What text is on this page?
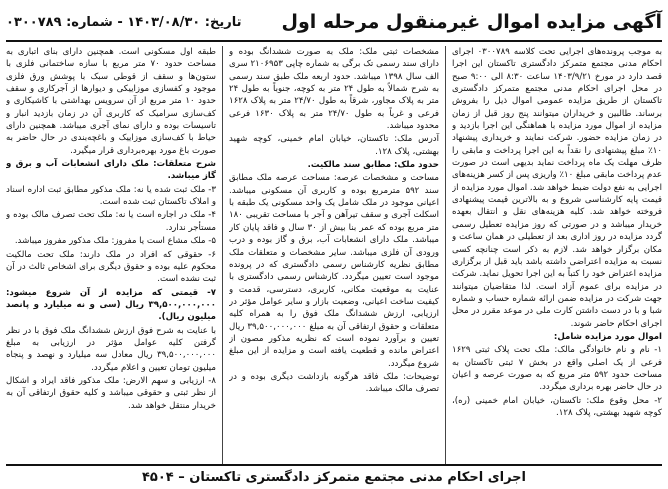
آگهی مزایده اموال غیرمنقول مرحله اول
تاریخ: ۱۴۰۳/۰۸/۳۰ - شماره: ۰۳۰۰۷۸۹

به موجب پرونده‌های اجرایی تحت کلاسه ۰۳۰۰۷۸۹ اجرای احکام مدنی مجتمع متمرکز دادگستری تاکستان این اجرا قصد دارد در مورخ ۱۴۰۳/۹/۲۱ ساعت ۸:۳۰ الی ۹:۰۰ صبح در محل اجرای احکام مدنی مجتمع متمرکز دادگستری تاکستان از طریق مزایده عمومی اموال ذیل را بفروش برساند. طالبین و خریداران میتوانند پنج روز قبل از زمان مزایده از اموال مورد مزایده با هماهنگی این اجرا بازدید و در زمان مزایده حضور. شرکت نمایند و خریداری پیشنهاد ۱۰٪ مبلغ پیشنهادی را نقداً به این اجرا پرداخت و مابقی را ظرف مهلت یک ماه پرداخت نماید بدیهی است در صورت عدم پرداخت مابقی مبلغ ۱۰٪ واریزی پس از کسر هزینه‌های اجرایی به نفع دولت ضبط خواهد شد. اموال مورد مزایده از قیمت پایه کارشناسی شروع و به بالاترین قیمت پیشنهادی فروخته خواهد شد. کلیه هزینه‌های نقل و انتقال بعهده خریدار میباشد و در صورتی که روز مزایده تعطیل رسمی گردد مزایده در روز اداری بعد از تعطیلی در همان ساعت و مکان برگزار خواهد شد. لازم به ذکر است چنانچه کسی نسبت به مزایده اعتراضی داشته باشد باید قبل از برگزاری مزایده اعتراض خود را کتباً به این اجرا تحویل نماید. شرکت در مزایده برای عموم آزاد است. لذا متقاضیان میتوانند جهت شرکت در مزایده ضمن ارائه شماره حساب و شماره شبا و با در دست داشتن کارت ملی در موعد مقرر در محل اجرای احکام حاضر شوند.

اموال مورد مزایده شامل:

۱- نام و نام خانوادگی مالک: ملک تحت پلاک ثبتی ۱۶۲۹ فرعی از یک اصلی واقع در بخش ۷ ثبتی تاکستان به مساحت حدود ۵۹۲ متر مربع که به صورت عرصه و اعیان در حال حاضر بهره برداری میگردد.

۲- محل وقوع ملک: تاکستان، خیابان امام خمینی (ره)، کوچه شهید بهشتی، پلاک ۱۲۸.

مشخصات ثبتی ملک: ملک به صورت ششدانگ بوده و دارای سند رسمی تک برگی به شماره چاپی ۲۱۰۶۹۵۳ سری الف سال ۱۳۹۸ میباشد. حدود اربعه ملک طبق سند رسمی به شرح شمالاً به طول ۲۴ متر به کوچه، جنوباً به طول ۲۴ متر به پلاک مجاور، شرقاً به طول ۲۴/۷۰ متر به پلاک ۱۶۲۸ فرعی و غرباً به طول ۲۴/۷۰ متر به پلاک ۱۶۳۰ فرعی محدود میباشد.

آدرس ملک: تاکستان، خیابان امام خمینی، کوچه شهید بهشتی، پلاک ۱۲۸.

حدود ملک: مطابق سند مالکیت.

مساحت و مشخصات عرصه: مساحت عرصه ملک مطابق سند ۵۹۲ مترمربع بوده و کاربری آن مسکونی میباشد. اعیانی موجود در ملک شامل یک واحد مسکونی یک طبقه با اسکلت آجری و سقف تیرآهن و آجر با مساحت تقریبی ۱۸۰ متر مربع بوده که عمر بنا بیش از ۳۰ سال و فاقد پایان کار میباشد. ملک دارای انشعابات آب، برق و گاز بوده و درب ورودی آن فلزی میباشد. سایر مشخصات و متعلقات ملک مطابق نظریه کارشناس رسمی دادگستری که در پرونده موجود است تعیین میگردد. کارشناس رسمی دادگستری با عنایت به موقعیت مکانی، کاربری، دسترسی، قدمت و کیفیت ساخت اعیانی، وضعیت بازار و سایر عوامل مؤثر در ارزیابی، ارزش ششدانگ ملک فوق را به همراه کلیه متعلقات و حقوق ارتفاقی آن به مبلغ ۳۹,۵۰۰,۰۰۰,۰۰۰ ریال تعیین و برآورد نموده است که نظریه مذکور مصون از اعتراض مانده و قطعیت یافته است و مزایده از این مبلغ شروع میگردد.

توضیحات: ملک فاقد هرگونه بازداشت دیگری بوده و در تصرف مالک میباشد.

طبقه اول مسکونی است. همچنین دارای بنای اتباری به مساحت حدود ۷۰ متر مربع با سازه ساختمانی فلزی با ستون‌ها و سقف از قوطی سبک با پوشش ورق فلزی موجود و کفسازی موزاییکی و دیوارها از آجرکاری و سقف حدود ۱۰ متر مربع از آن سرویس بهداشتی با کاشیکاری و کف‌سازی سرامیک که کاربری آن در زمان بازدید انبار و تاسیسات بوده و دارای نمای آجری میباشد. همچنین دارای حیاط با کف‌سازی موزاییک و باغچه‌بندی در حال حاضر به صورت باغ مورد بهره‌برداری قرار میگیرد.

شرح متعلقات: ملک دارای انشعابات آب و برق و گاز میباشد.

۳- ملک ثبت شده یا نه: ملک مذکور مطابق ثبت اداره اسناد و املاک تاکستان ثبت شده است.

۴- ملک در اجاره است یا نه: ملک تحت تصرف مالک بوده و مستأجر ندارد.

۵- ملک مشاع است یا مفروز: ملک مذکور مفروز میباشد.

۶- حقوقی که افراد در ملک دارند: ملک تحت مالکیت محکوم علیه بوده و حقوق دیگری برای اشخاص ثالث در آن ثبت نشده است.

۷- قیمتی که مزایده از آن شروع میشود: ۳۹,۵۰۰,۰۰۰,۰۰۰ ریال (سی و نه میلیارد و پانصد میلیون ریال).

با عنایت به شرح فوق ارزش ششدانگ ملک فوق با در نظر گرفتن کلیه عوامل مؤثر در ارزیابی به مبلغ ۳۹,۵۰۰,۰۰۰,۰۰۰ ریال معادل سه میلیارد و نهصد و پنجاه میلیون تومان تعیین و اعلام میگردد.

۸- ارزیابی و سهم الارض: ملک مذکور فاقد ایراد و اشکال از نظر ثبتی و حقوقی میباشد و کلیه حقوق ارتفاقی آن به خریدار منتقل خواهد شد.

اجرای احکام مدنی مجتمع متمرکز دادگستری تاکستان – ۴۵۰۴
